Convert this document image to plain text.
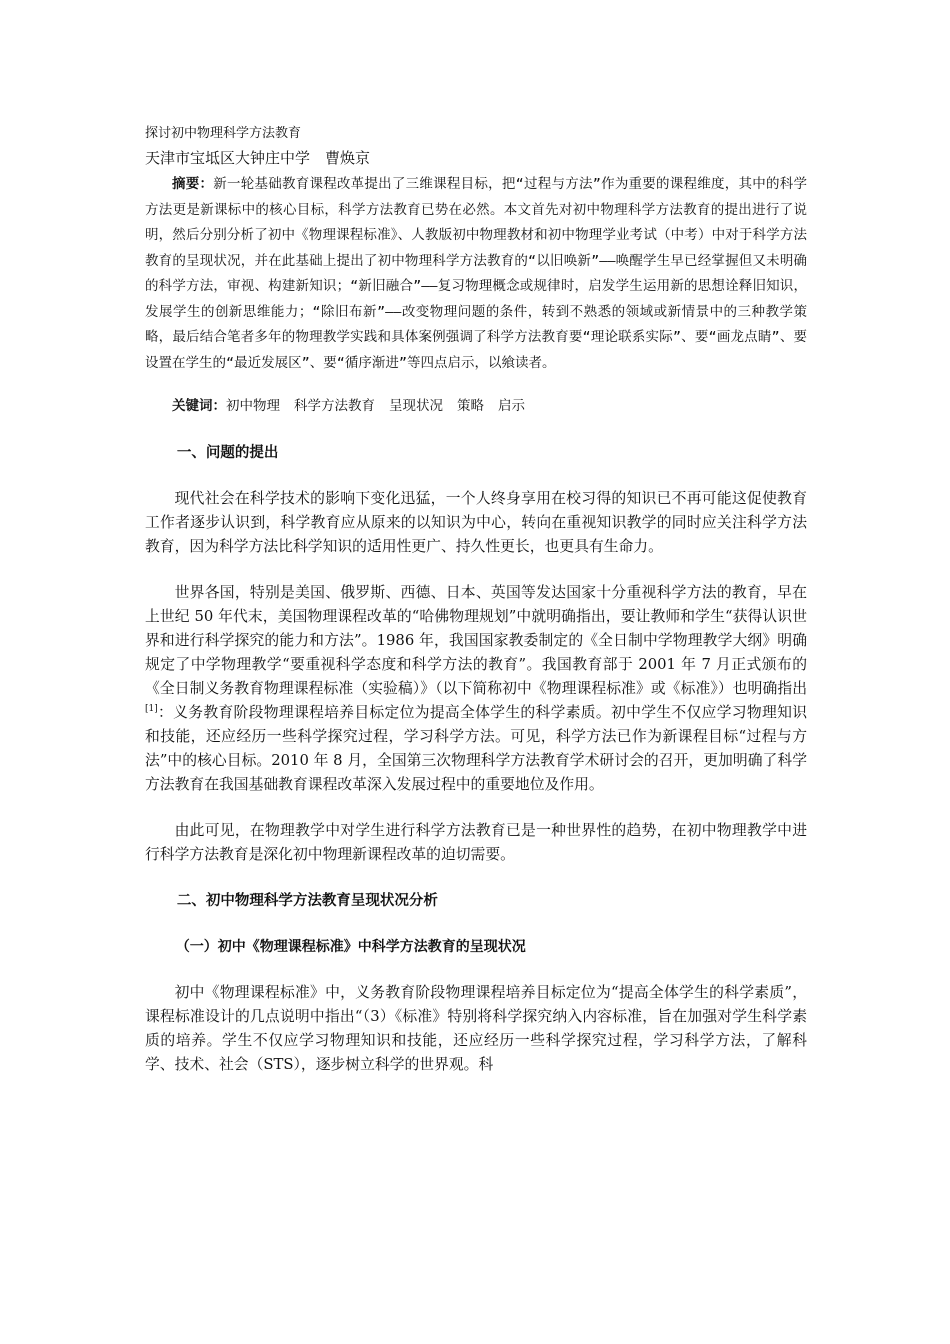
探讨初中物理科学方法教育

天津市宝坻区大钟庄中学　曹焕京

摘要：新一轮基础教育课程改革提出了三维课程目标，把“过程与方法”作为重要的课程维度，其中的科学方法更是新课标中的核心目标，科学方法教育已势在必然。本文首先对初中物理科学方法教育的提出进行了说明，然后分别分析了初中《物理课程标准》、人教版初中物理教材和初中物理学业考试（中考）中对于科学方法教育的呈现状况，并在此基础上提出了初中物理科学方法教育的“以旧唤新”——唤醒学生早已经掌握但又未明确的科学方法，审视、构建新知识；“新旧融合”——复习物理概念或规律时，启发学生运用新的思想诠释旧知识，发展学生的创新思维能力；“除旧布新”——改变物理问题的条件，转到不熟悉的领域或新情景中的三种教学策略，最后结合笔者多年的物理教学实践和具体案例强调了科学方法教育要“理论联系实际”、要“画龙点睛”、要设置在学生的“最近发展区”、要“循序渐进”等四点启示，以飨读者。

关键词：初中物理 科学方法教育 呈现状况 策略 启示

一、问题的提出

现代社会在科学技术的影响下变化迅猛，一个人终身享用在校习得的知识已不再可能这促使教育工作者逐步认识到，科学教育应从原来的以知识为中心，转向在重视知识教学的同时应关注科学方法教育，因为科学方法比科学知识的适用性更广、持久性更长，也更具有生命力。

世界各国，特别是美国、俄罗斯、西德、日本、英国等发达国家十分重视科学方法的教育，早在上世纪 50 年代末，美国物理课程改革的“哈佛物理规划”中就明确指出，要让教师和学生“获得认识世界和进行科学探究的能力和方法”。1986 年，我国国家教委制定的《全日制中学物理教学大纲》明确规定了中学物理教学“要重视科学态度和科学方法的教育”。我国教育部于 2001 年 7 月正式颁布的《全日制义务教育物理课程标准（实验稿）》（以下简称初中《物理课程标准》或《标准》）也明确指出[1]：义务教育阶段物理课程培养目标定位为提高全体学生的科学素质。初中学生不仅应学习物理知识和技能，还应经历一些科学探究过程，学习科学方法。可见，科学方法已作为新课程目标“过程与方法”中的核心目标。2010 年 8 月，全国第三次物理科学方法教育学术研讨会的召开，更加明确了科学方法教育在我国基础教育课程改革深入发展过程中的重要地位及作用。

由此可见，在物理教学中对学生进行科学方法教育已是一种世界性的趋势，在初中物理教学中进行科学方法教育是深化初中物理新课程改革的迫切需要。

二、初中物理科学方法教育呈现状况分析

（一）初中《物理课程标准》中科学方法教育的呈现状况

初中《物理课程标准》中，义务教育阶段物理课程培养目标定位为“提高全体学生的科学素质”，课程标准设计的几点说明中指出“（3）《标准》特别将科学探究纳入内容标准，旨在加强对学生科学素质的培养。学生不仅应学习物理知识和技能，还应经历一些科学探究过程，学习科学方法，了解科学、技术、社会（STS），逐步树立科学的世界观。科
